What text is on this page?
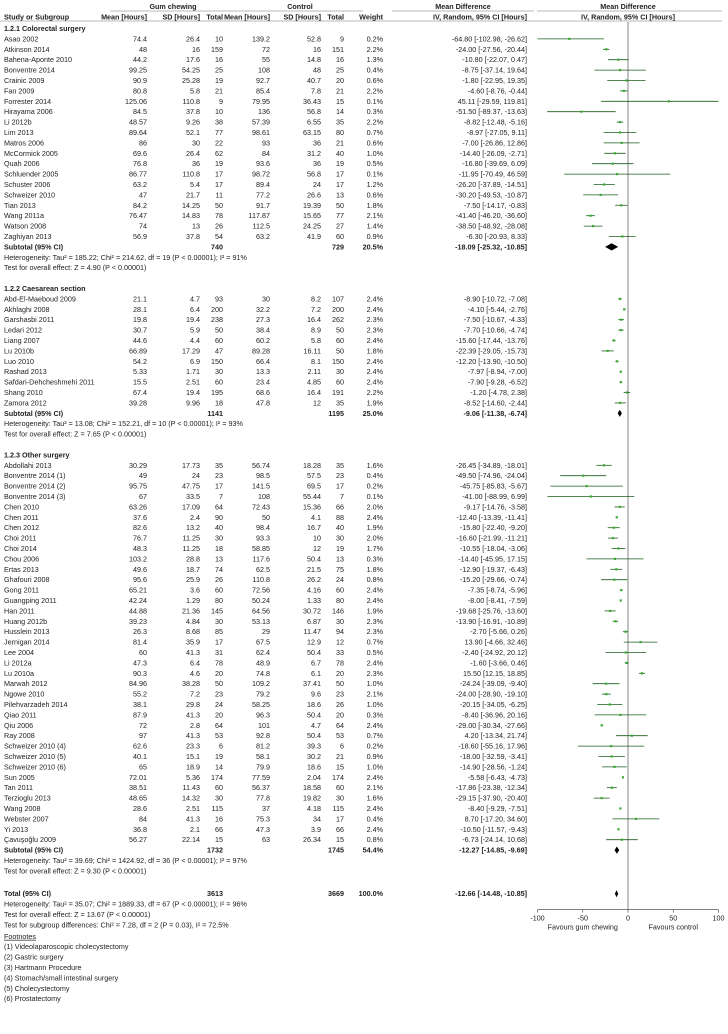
Gum chewing	Control	Mean Difference	Mean Difference
Study or Subgroup	Mean [Hours] SD [Hours] Total Mean [Hours] SD [Hours] Total Weight	IV, Random, 95% CI [Hours]	IV, Random, 95% CI [Hours]
1.2.1 Colorectal surgery
Asao 2002	74.4	26.4 10	139.2	52.8	9	0.2%	-64.80 [-102.98, -26.62]
Atkinson 2014	48	16 159	72	16 151	2.2%	-24.00 [-27.56, -20.44]
Bahena-Aponte 2010	44.2	17.6 16	55	14.8 16	1.3%	-10.80 [-22.07, 0.47]
Bonventre 2014	99.25	54.25 25	108	48 25	0.4%	-8.75 [-37.14, 19.64]
Crainic 2009	90.9	25.28 19	92.7	40.7 20	0.6%	-1.80 [-22.95, 19.35]
Fan 2009	80.8	5.8 21	85.4	7.8 21	2.2%	-4.60 [-8.76, -0.44]
Forrester 2014	125.06	110.8	9	79.95	36.43 15	0.1%	45.11 [-29.59, 119.81]
Hirayama 2006	84.5	37.8 10	136	56.8 14	0.3%	-51.50 [-89.37, -13.63]
Li 2012b	48.57	9.26 38	57.39	6.55 35	2.2%	-8.82 [-12.48, -5.16]
Lim 2013	89.64	52.1 77	98.61	63.15 80	0.7%	-8.97 [-27.05, 9.11]
Matros 2006	86	30 22	93	36 21	0.6%	-7.00 [-26.86, 12.86]
McCormick 2005	69.6	26.4 62	84	31.2 40	1.0%	-14.40 [-26.09, -2.71]
Quah 2006	76.8	36 19	93.6	36 19	0.5%	-16.80 [-39.69, 6.09]
Schluender 2005	86.77	110.8 17	98.72	56.8 17	0.1%	-11.95 [-70.49, 46.59]
Schuster 2006	63.2	5.4 17	89.4	24 17	1.2%	-26.20 [-37.89, -14.51]
Schweizer 2010	47	21.7 11	77.2	26.6 13	0.6%	-30.20 [-49.53, -10.87]
Tian 2013	84.2	14.25 50	91.7	19.39 50	1.8%	-7.50 [-14.17, -0.83]
Wang 2011a	76.47	14.83 78	117.87	15.65 77	2.1%	-41.40 [-46.20, -36.60]
Watson 2008	74	13 26	112.5	24.25 27	1.4%	-38.50 [-48.92, -28.08]
Zaghiyan 2013	56.9	37.8 54	63.2	41.9 60	0.9%	-6.30 [-20.93, 8.33]
Subtotal (95% CI)	740	729	20.5%	-18.09 [-25.32, -10.85]
Heterogeneity: Tau² = 185.22; Chi² = 214.62, df = 19 (P < 0.00001); I² = 91%
Test for overall effect: Z = 4.90 (P < 0.00001)
1.2.2 Caesarean section
Abd-El-Maeboud 2009	21.1	4.7 93	30	8.2 107	2.4%	-8.90 [-10.72, -7.08]
Akhlaghi 2008	28.1	6.4 200	32.2	7.2 200	2.4%	-4.10 [-5.44, -2.76]
Garshasbi 2011	19.8	19.4 238	27.3	16.4 262	2.3%	-7.50 [-10.67, -4.33]
Ledari 2012	30.7	5.9 50	38.4	8.9 50	2.3%	-7.70 [-10.66, -4.74]
Liang 2007	44.6	4.4 60	60.2	5.8 60	2.4%	-15.60 [-17.44, -13.76]
Lu 2010b	66.89	17.29 47	89.28	16.11 50	1.8%	-22.39 [-29.05, -15.73]
Luo 2010	54.2	6.9 150	66.4	8.1 150	2.4%	-12.20 [-13.90, -10.50]
Rashad 2013	5.33	1.71 30	13.3	2.11 30	2.4%	-7.97 [-8.94, -7.00]
Safdari-Dehcheshmehi 2011	15.5	2.51 60	23.4	4.85 60	2.4%	-7.90 [-9.28, -6.52]
Shang 2010	67.4	19.4 195	68.6	16.4 191	2.2%	-1.20 [-4.78, 2.38]
Zamora 2012	39.28	9.96 18	47.8	12 35	1.9%	-8.52 [-14.60, -2.44]
Subtotal (95% CI)	1141	1195	25.0%	-9.06 [-11.38, -6.74]
Heterogeneity: Tau² = 13.08; Chi² = 152.21, df = 10 (P < 0.00001); I² = 93%
Test for overall effect: Z = 7.65 (P < 0.00001)
1.2.3 Other surgery
Abdollahi 2013	30.29	17.73 35	56.74	18.28 35	1.6%	-26.45 [-34.89, -18.01]
Bonventre 2014 (1)	49	24 23	98.5	57.5 23	0.4%	-49.50 [-74.96, -24.04]
Bonventre 2014 (2)	95.75	47.75 17	141.5	69.5 17	0.2%	-45.75 [-85.83, -5.67]
Bonventre 2014 (3)	67	33.5	7	108	55.44	7	0.1%	-41.00 [-88.99, 6.99]
Chen 2010	63.26	17.09 64	72.43	15.36 66	2.0%	-9.17 [-14.76, -3.58]
Chen 2011	37.6	2.4 90	50	4.1 88	2.4%	-12.40 [-13.39, -11.41]
Chen 2012	82.6	13.2 40	98.4	16.7 40	1.9%	-15.80 [-22.40, -9.20]
Choi 2011	76.7	11.25 30	93.3	10 30	2.0%	-16.60 [-21.99, -11.21]
Choi 2014	48.3	11.25 18	58.85	12 19	1.7%	-10.55 [-18.04, -3.06]
Chou 2006	103.2	28.8 13	117.6	50.4 13	0.3%	-14.40 [-45.95, 17.15]
Ertas 2013	49.6	18.7 74	62.5	21.5 75	1.8%	-12.90 [-19.37, -6.43]
Ghafouri 2008	95.6	25.9 26	110.8	26.2 24	0.8%	-15.20 [-29.66, -0.74]
Gong 2011	65.21	3.6 60	72.56	4.16 60	2.4%	-7.35 [-8.74, -5.96]
Guangping 2011	42.24	1.29 80	50.24	1.33 80	2.4%	-8.00 [-8.41, -7.59]
Han 2011	44.88	21.36 145	64.56	30.72 146	1.9%	-19.68 [-25.76, -13.60]
Huang 2012b	39.23	4.84 30	53.13	6.87 30	2.3%	-13.90 [-16.91, -10.89]
Husslein 2013	26.3	8.68 85	29	11.47 94	2.3%	-2.70 [-5.66, 0.26]
Jernigan 2014	81.4	35.9 17	67.5	12.9 12	0.7%	13.90 [-4.66, 32.46]
Lee 2004	60	41.3 31	62.4	50.4 33	0.5%	-2.40 [-24.92, 20.12]
Li 2012a	47.3	6.4 78	48.9	6.7 78	2.4%	-1.60 [-3.66, 0.46]
Lu 2010a	90.3	4.6 20	74.8	6.1 20	2.3%	15.50 [12.15, 18.85]
Marwah 2012	84.96	38.28 50	109.2	37.41 50	1.0%	-24.24 [-39.09, -9.40]
Ngowe 2010	55.2	7.2 23	79.2	9.6 23	2.1%	-24.00 [-28.90, -19.10]
Pilehvarzadeh 2014	38.1	29.8 24	58.25	18.6 26	1.0%	-20.15 [-34.05, -6.25]
Qiao 2011	87.9	41.3 20	96.3	50.4 20	0.3%	-8.40 [-36.96, 20.16]
Qiu 2006	72	2.8 64	101	4.7 64	2.4%	-29.00 [-30.34, -27.66]
Ray 2008	97	41.3 53	92.8	50.4 53	0.7%	4.20 [-13.34, 21.74]
Schweizer 2010 (4)	62.6	23.3	6	81.2	39.3	6	0.2%	-18.60 [-55.16, 17.96]
Schweizer 2010 (5)	40.1	15.1 19	58.1	30.2 21	0.9%	-18.00 [-32.59, -3.41]
Schweizer 2010 (6)	65	18.9 14	79.9	18.6 15	1.0%	-14.90 [-28.56, -1.24]
Sun 2005	72.01	5.36 174	77.59	2.04 174	2.4%	-5.58 [-6.43, -4.73]
Tan 2011	38.51	11.43 60	56.37	18.58 60	2.1%	-17.86 [-23.38, -12.34]
Terzioglu 2013	48.65	14.32 30	77.8	19.82 30	1.6%	-29.15 [-37.90, -20.40]
Wang 2008	28.6	2.51 115	37	4.18 115	2.4%	-8.40 [-9.29, -7.51]
Webster 2007	84	41.3 16	75.3	34 17	0.4%	8.70 [-17.20, 34.60]
Yi 2013	36.8	2.1 66	47.3	3.9 66	2.4%	-10.50 [-11.57, -9.43]
Çavuşoğlu 2009	56.27	22.14 15	63	26.34 15	0.8%	-6.73 [-24.14, 10.68]
Subtotal (95% CI)	1732	1745	54.4%	-12.27 [-14.85, -9.69]
Heterogeneity: Tau² = 39.69; Chi² = 1424.92, df = 36 (P < 0.00001); I² = 97%
Test for overall effect: Z = 9.30 (P < 0.00001)
Total (95% CI)	3613	3669 100.0%	-12.66 [-14.48, -10.85]
Heterogeneity: Tau² = 35.07; Chi² = 1889.33, df = 67 (P < 0.00001); I² = 96%
Test for overall effect: Z = 13.67 (P < 0.00001)
Test for subgroup differences: Chi² = 7.28, df = 2 (P = 0.03), I² = 72.5%
-100	-50	0	50	100
Favours gum chewing	Favours control
Footnotes
(1) Videolaparoscopic cholecystectomy
(2) Gastric surgery
(3) Hartmann Procedure
(4) Stomach/small intestinal surgery
(5) Cholecystectomy
(6) Prostatectomy
